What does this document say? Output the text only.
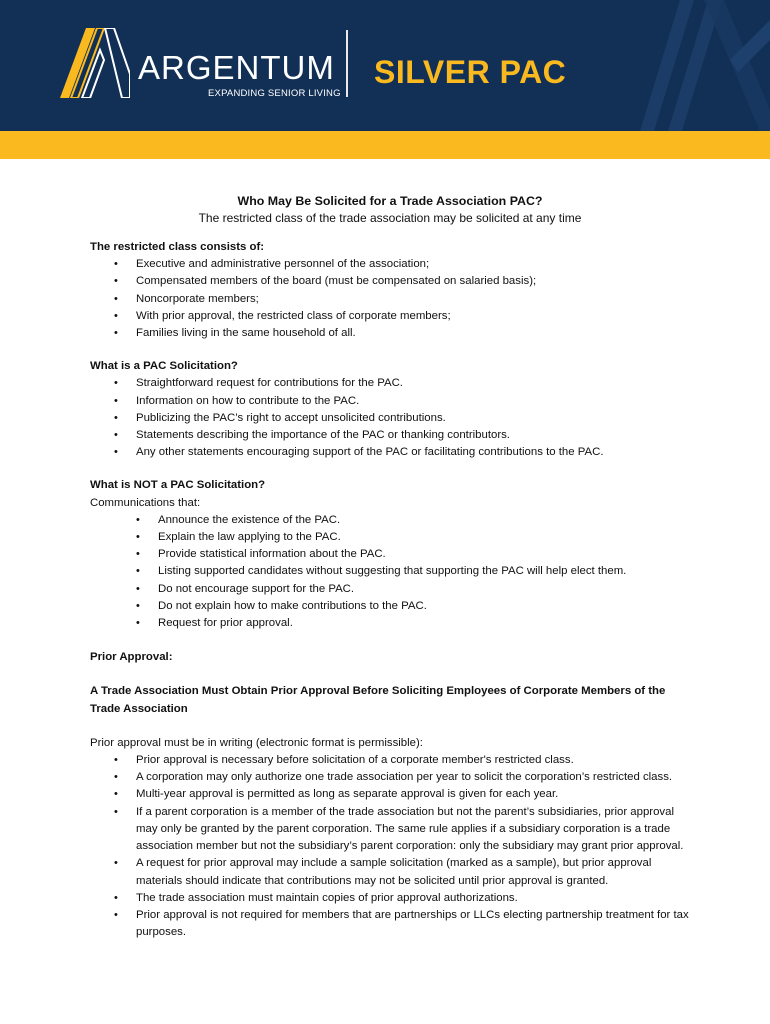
ARGENTUM
EXPANDING SENIOR LIVING
SILVER PAC
Who May Be Solicited for a Trade Association PAC?
The restricted class of the trade association may be solicited at any time
The restricted class consists of:
• Executive and administrative personnel of the association;
• Compensated members of the board (must be compensated on salaried basis);
• Noncorporate members;
• With prior approval, the restricted class of corporate members;
• Families living in the same household of all.
What is a PAC Solicitation?
• Straightforward request for contributions for the PAC.
• Information on how to contribute to the PAC.
• Publicizing the PAC’s right to accept unsolicited contributions.
• Statements describing the importance of the PAC or thanking contributors.
• Any other statements encouraging support of the PAC or facilitating contributions to the PAC.
What is NOT a PAC Solicitation?
Communications that:
• Announce the existence of the PAC.
• Explain the law applying to the PAC.
• Provide statistical information about the PAC.
• Listing supported candidates without suggesting that supporting the PAC will help elect them.
• Do not encourage support for the PAC.
• Do not explain how to make contributions to the PAC.
• Request for prior approval.
Prior Approval:
A Trade Association Must Obtain Prior Approval Before Soliciting Employees of Corporate Members of the Trade Association
Prior approval must be in writing (electronic format is permissible):
• Prior approval is necessary before solicitation of a corporate member's restricted class.
• A corporation may only authorize one trade association per year to solicit the corporation’s restricted class.
• Multi-year approval is permitted as long as separate approval is given for each year.
• If a parent corporation is a member of the trade association but not the parent’s subsidiaries, prior approval may only be granted by the parent corporation. The same rule applies if a subsidiary corporation is a trade association member but not the subsidiary’s parent corporation: only the subsidiary may grant prior approval.
• A request for prior approval may include a sample solicitation (marked as a sample), but prior approval materials should indicate that contributions may not be solicited until prior approval is granted.
• The trade association must maintain copies of prior approval authorizations.
• Prior approval is not required for members that are partnerships or LLCs electing partnership treatment for tax purposes.
